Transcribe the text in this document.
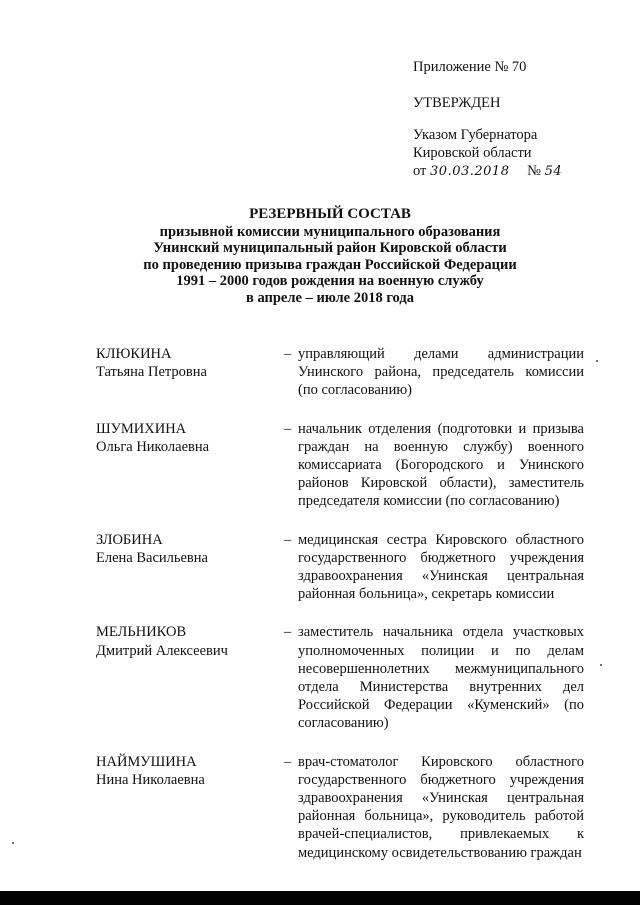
Приложение № 70
УТВЕРЖДЕН
Указом Губернатора
Кировской области
от 30.03.2018 № 54
РЕЗЕРВНЫЙ СОСТАВ
призывной комиссии муниципального образования
Унинский муниципальный район Кировской области
по проведению призыва граждан Российской Федерации
1991 – 2000 годов рождения на военную службу
в апреле – июле 2018 года
КЛЮКИНА
Татьяна Петровна
– управляющий делами администрации Унинского района, председатель комиссии (по согласованию)
ШУМИХИНА
Ольга Николаевна
– начальник отделения (подготовки и призыва граждан на военную службу) военного комиссариата (Богородского и Унинского районов Кировской области), заместитель председателя комиссии (по согласованию)
ЗЛОБИНА
Елена Васильевна
– медицинская сестра Кировского областного государственного бюджетного учреждения здравоохранения «Унинская центральная районная больница», секретарь комиссии
МЕЛЬНИКОВ
Дмитрий Алексеевич
– заместитель начальника отдела участковых уполномоченных полиции и по делам несовершеннолетних межмуниципального отдела Министерства внутренних дел Российской Федерации «Куменский» (по согласованию)
НАЙМУШИНА
Нина Николаевна
– врач-стоматолог Кировского областного государственного бюджетного учреждения здравоохранения «Унинская центральная районная больница», руководитель работой врачей-специалистов, привлекаемых к медицинскому освидетельствованию граждан
